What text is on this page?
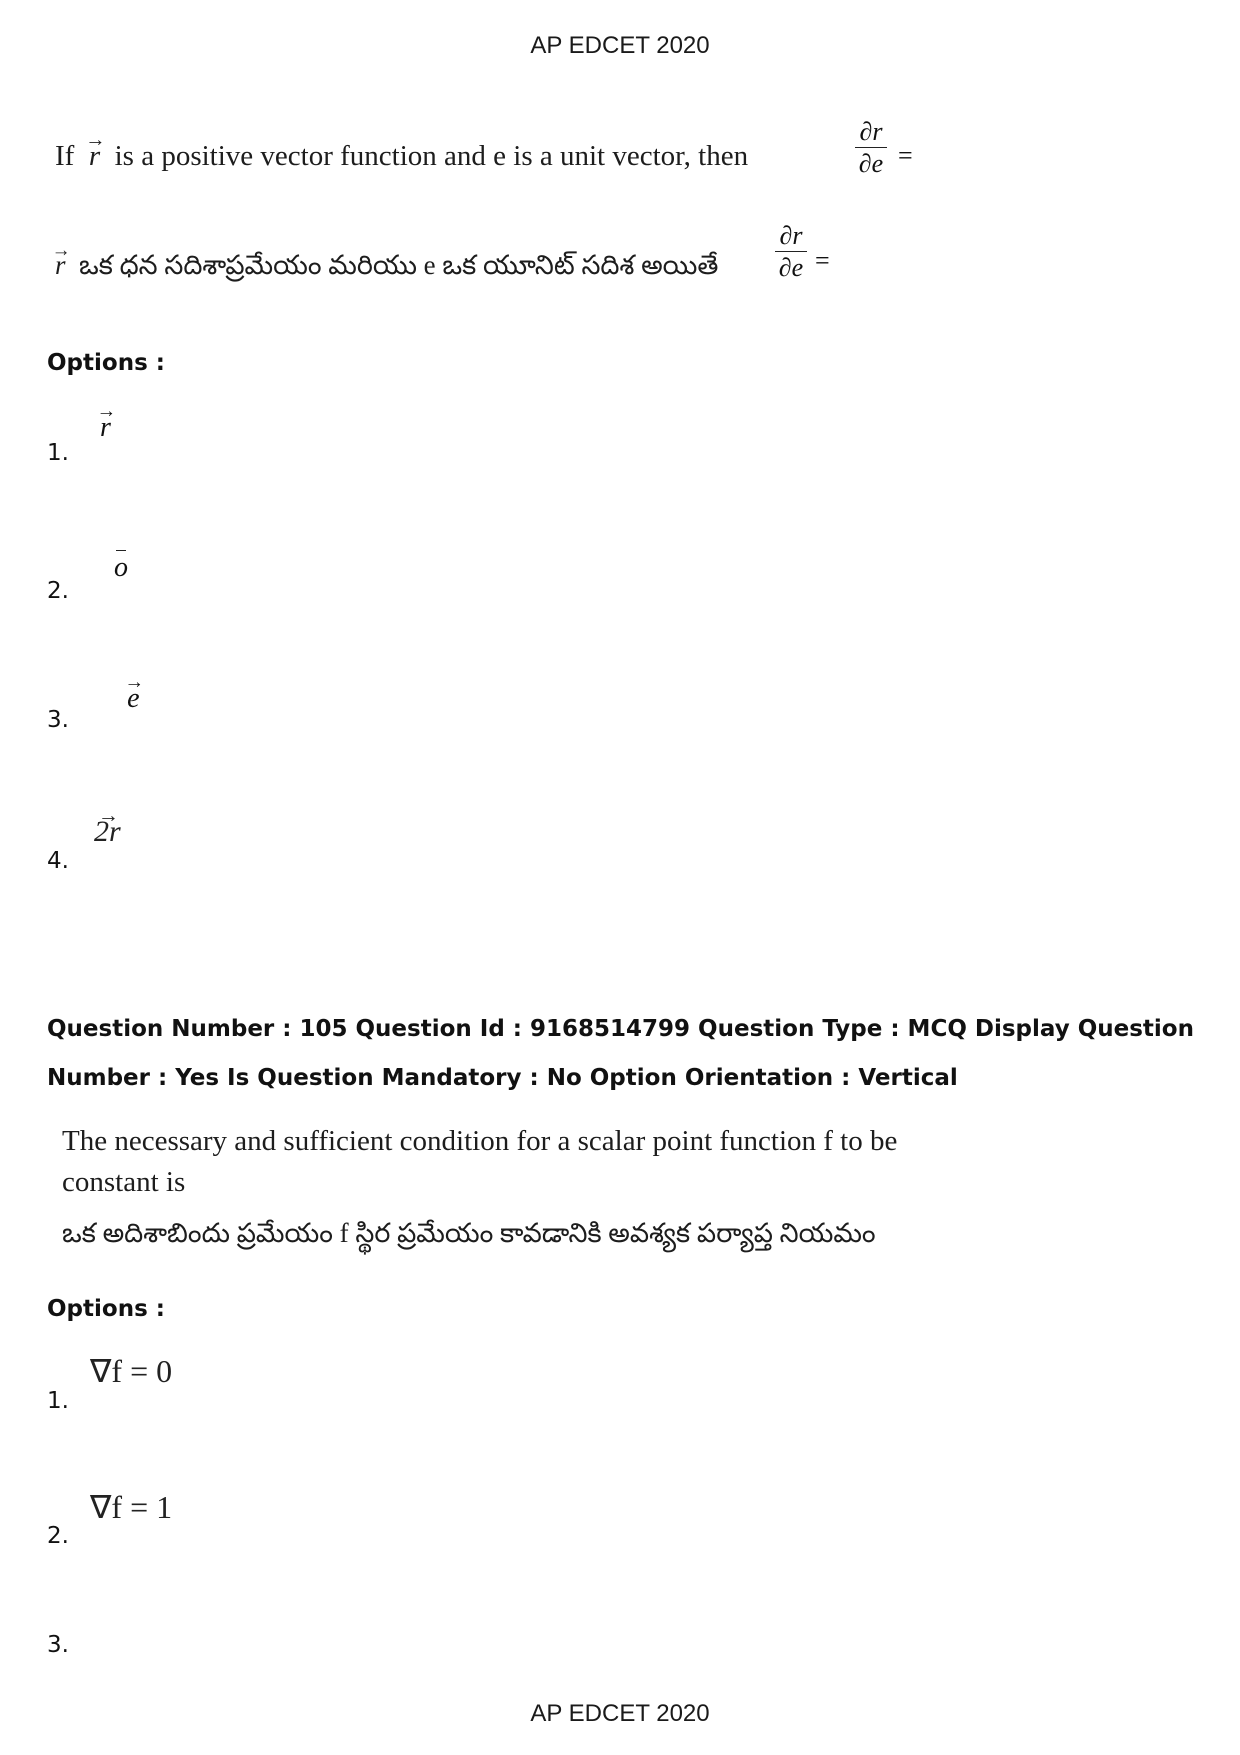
AP EDCET 2020
If  → r is a positive vector function and e is a unit vector, then
∂r
∂e =
→ r ఒక ధన సదిశాప్రమేయం మరియు e ఒక యూనిట్ సదిశ అయితే
∂r
∂e =
Options :
1.
→ r
2.
o
3.
→ e
4.
→ 2r
Question Number : 105 Question Id : 9168514799 Question Type : MCQ Display Question
Number : Yes Is Question Mandatory : No Option Orientation : Vertical
The necessary and sufficient condition for a scalar point function f to be
constant is
ఒక అదిశాబిందు ప్రమేయం f స్థిర ప్రమేయం కావడానికి అవశ్యక పర్యాప్త నియమం
Options :
1.
∇f = 0
2.
∇f = 1
3.
AP EDCET 2020
